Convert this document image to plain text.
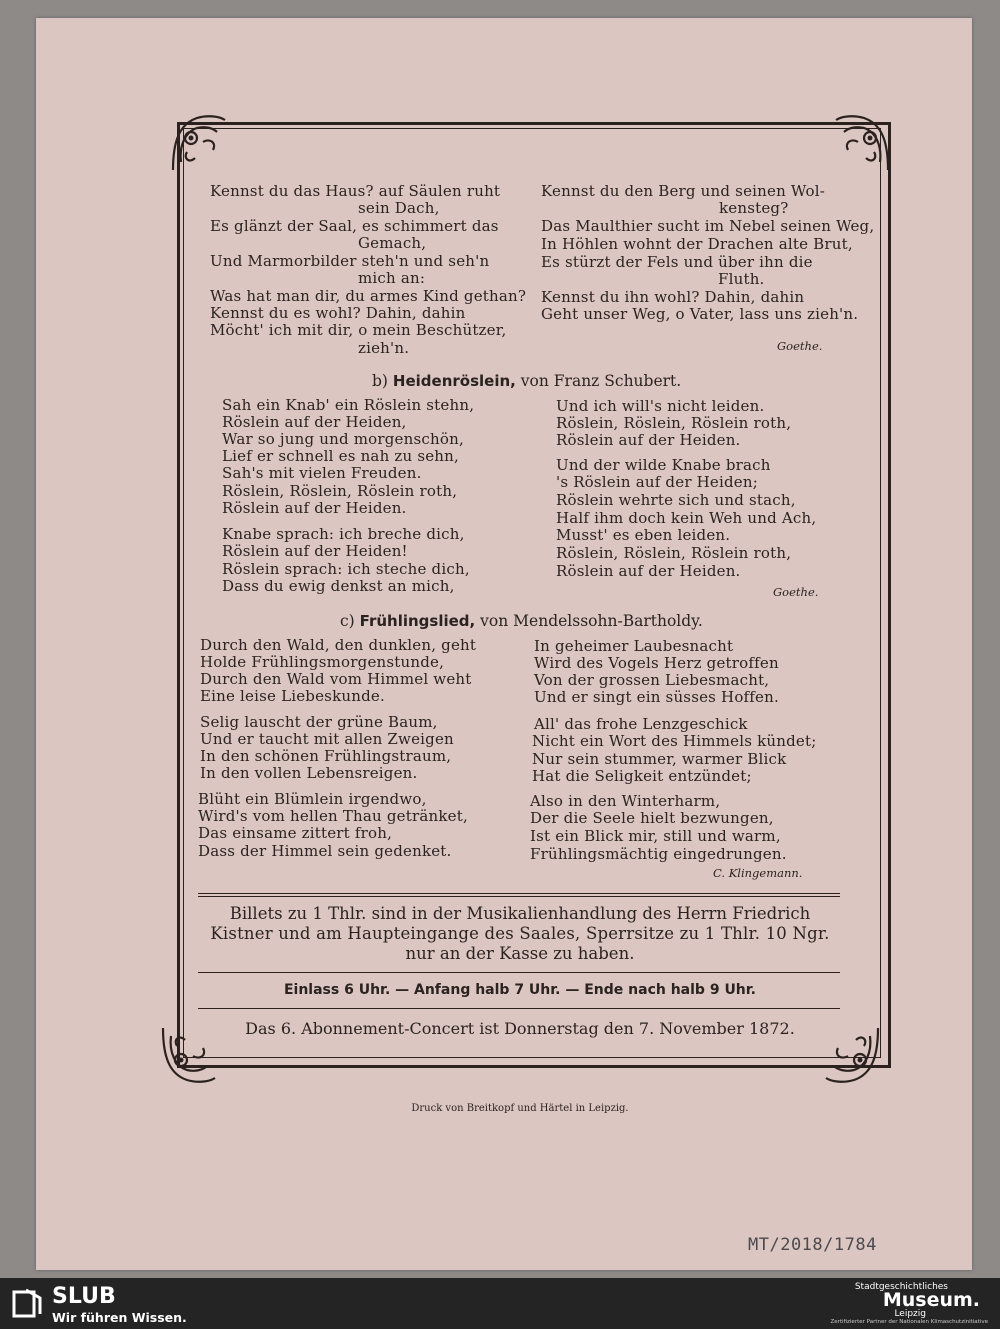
Kennst du das Haus? auf Säulen ruht
sein Dach,
Es glänzt der Saal, es schimmert das
Gemach,
Und Marmorbilder steh'n und seh'n
mich an:
Was hat man dir, du armes Kind gethan?
Kennst du es wohl? Dahin, dahin
Möcht' ich mit dir, o mein Beschützer,
zieh'n.
Kennst du den Berg und seinen Wol-
kensteg?
Das Maulthier sucht im Nebel seinen Weg,
In Höhlen wohnt der Drachen alte Brut,
Es stürzt der Fels und über ihn die
Fluth.
Kennst du ihn wohl? Dahin, dahin
Geht unser Weg, o Vater, lass uns zieh'n.
Goethe.
b) Heidenröslein, von Franz Schubert.
Sah ein Knab' ein Röslein stehn,
Röslein auf der Heiden,
War so jung und morgenschön,
Lief er schnell es nah zu sehn,
Sah's mit vielen Freuden.
Röslein, Röslein, Röslein roth,
Röslein auf der Heiden.
Knabe sprach: ich breche dich,
Röslein auf der Heiden!
Röslein sprach: ich steche dich,
Dass du ewig denkst an mich,
Und ich will's nicht leiden.
Röslein, Röslein, Röslein roth,
Röslein auf der Heiden.
Und der wilde Knabe brach
's Röslein auf der Heiden;
Röslein wehrte sich und stach,
Half ihm doch kein Weh und Ach,
Musst' es eben leiden.
Röslein, Röslein, Röslein roth,
Röslein auf der Heiden.
Goethe.
c) Frühlingslied, von Mendelssohn-Bartholdy.
Durch den Wald, den dunklen, geht
Holde Frühlingsmorgenstunde,
Durch den Wald vom Himmel weht
Eine leise Liebeskunde.
Selig lauscht der grüne Baum,
Und er taucht mit allen Zweigen
In den schönen Frühlingstraum,
In den vollen Lebensreigen.
Blüht ein Blümlein irgendwo,
Wird's vom hellen Thau getränket,
Das einsame zittert froh,
Dass der Himmel sein gedenket.
In geheimer Laubesnacht
Wird des Vogels Herz getroffen
Von der grossen Liebesmacht,
Und er singt ein süsses Hoffen.
All' das frohe Lenzgeschick
Nicht ein Wort des Himmels kündet;
Nur sein stummer, warmer Blick
Hat die Seligkeit entzündet;
Also in den Winterharm,
Der die Seele hielt bezwungen,
Ist ein Blick mir, still und warm,
Frühlingsmächtig eingedrungen.
C. Klingemann.
Billets zu 1 Thlr. sind in der Musikalienhandlung des Herrn Friedrich
Kistner und am Haupteingange des Saales, Sperrsitze zu 1 Thlr. 10 Ngr.
nur an der Kasse zu haben.
Einlass 6 Uhr. — Anfang halb 7 Uhr. — Ende nach halb 9 Uhr.
Das 6. Abonnement-Concert ist Donnerstag den 7. November 1872.
Druck von Breitkopf und Härtel in Leipzig.
MT/2018/1784
SLUB
Wir führen Wissen.
Stadtgeschichtliches
Museum.
Leipzig
Zertifizierter Partner der Nationalen Klimaschutzinitiative
